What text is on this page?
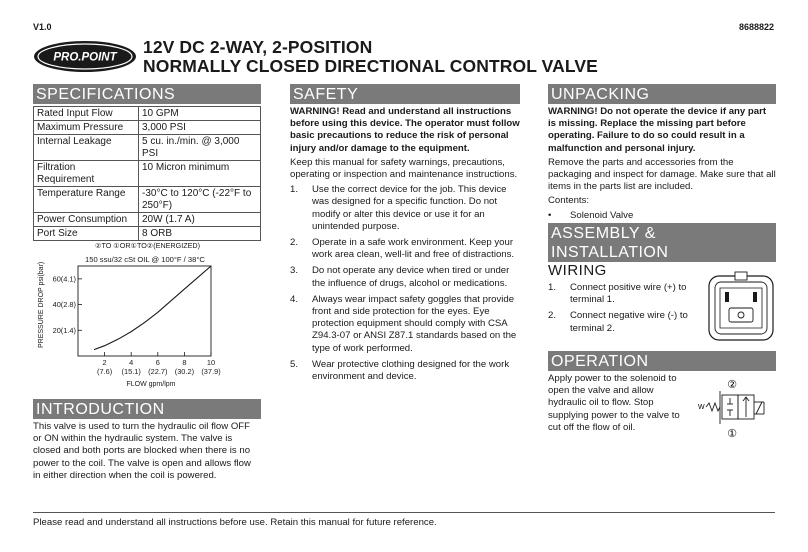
V1.0	8688822
PRO.POINT
12V DC 2-WAY, 2-POSITION
NORMALLY CLOSED DIRECTIONAL CONTROL VALVE
SPECIFICATIONS
Rated Input Flow	10 GPM
Maximum Pressure	3,000 PSI
Internal Leakage	5 cu. in./min. @ 3,000 PSI
Filtration Requirement	10 Micron minimum
Temperature Range	-30°C to 120°C (-22°F to 250°F)
Power Consumption	20W (1.7 A)
Port Size	8 ORB
②TO ①OR①TO②(ENERGIZED)
150 ssu/32 cSt OIL @ 100°F / 38°C
PRESSURE DROP psi(bar)
FLOW gpm/lpm
60(4.1)
40(2.8)
20(1.4)
2
(7.6)
4
(15.1)
6
(22.7)
8
(30.2)
10
(37.9)
INTRODUCTION
This valve is used to turn the hydraulic oil flow OFF or ON within the hydraulic system. The valve is closed and both ports are blocked when there is no power to the coil. The valve is open and allows flow in either direction when the coil is powered.
SAFETY
WARNING! Read and understand all instructions before using this device. The operator must follow basic precautions to reduce the risk of personal injury and/or damage to the equipment.
Keep this manual for safety warnings, precautions, operating or inspection and maintenance instructions.
1.	Use the correct device for the job. This device was designed for a specific function. Do not modify or alter this device or use it for an unintended purpose.
2.	Operate in a safe work environment. Keep your work area clean, well-lit and free of distractions.
3.	Do not operate any device when tired or under the influence of drugs, alcohol or medications.
4.	Always wear impact safety goggles that provide front and side protection for the eyes. Eye protection equipment should comply with CSA Z94.3-07 or ANSI Z87.1 standards based on the type of work performed.
5.	Wear protective clothing designed for the work environment and device.
UNPACKING
WARNING! Do not operate the device if any part is missing. Replace the missing part before operating. Failure to do so could result in a malfunction and personal injury.
Remove the parts and accessories from the packaging and inspect for damage. Make sure that all items in the parts list are included.
Contents:
•	Solenoid Valve
ASSEMBLY &
INSTALLATION
WIRING
1.	Connect positive wire (+) to terminal 1.
2.	Connect negative wire (-) to terminal 2.
OPERATION
Apply power to the solenoid to open the valve and allow hydraulic oil to flow. Stop supplying power to the valve to cut off the flow of oil.
②
①
W
Please read and understand all instructions before use. Retain this manual for future reference.
